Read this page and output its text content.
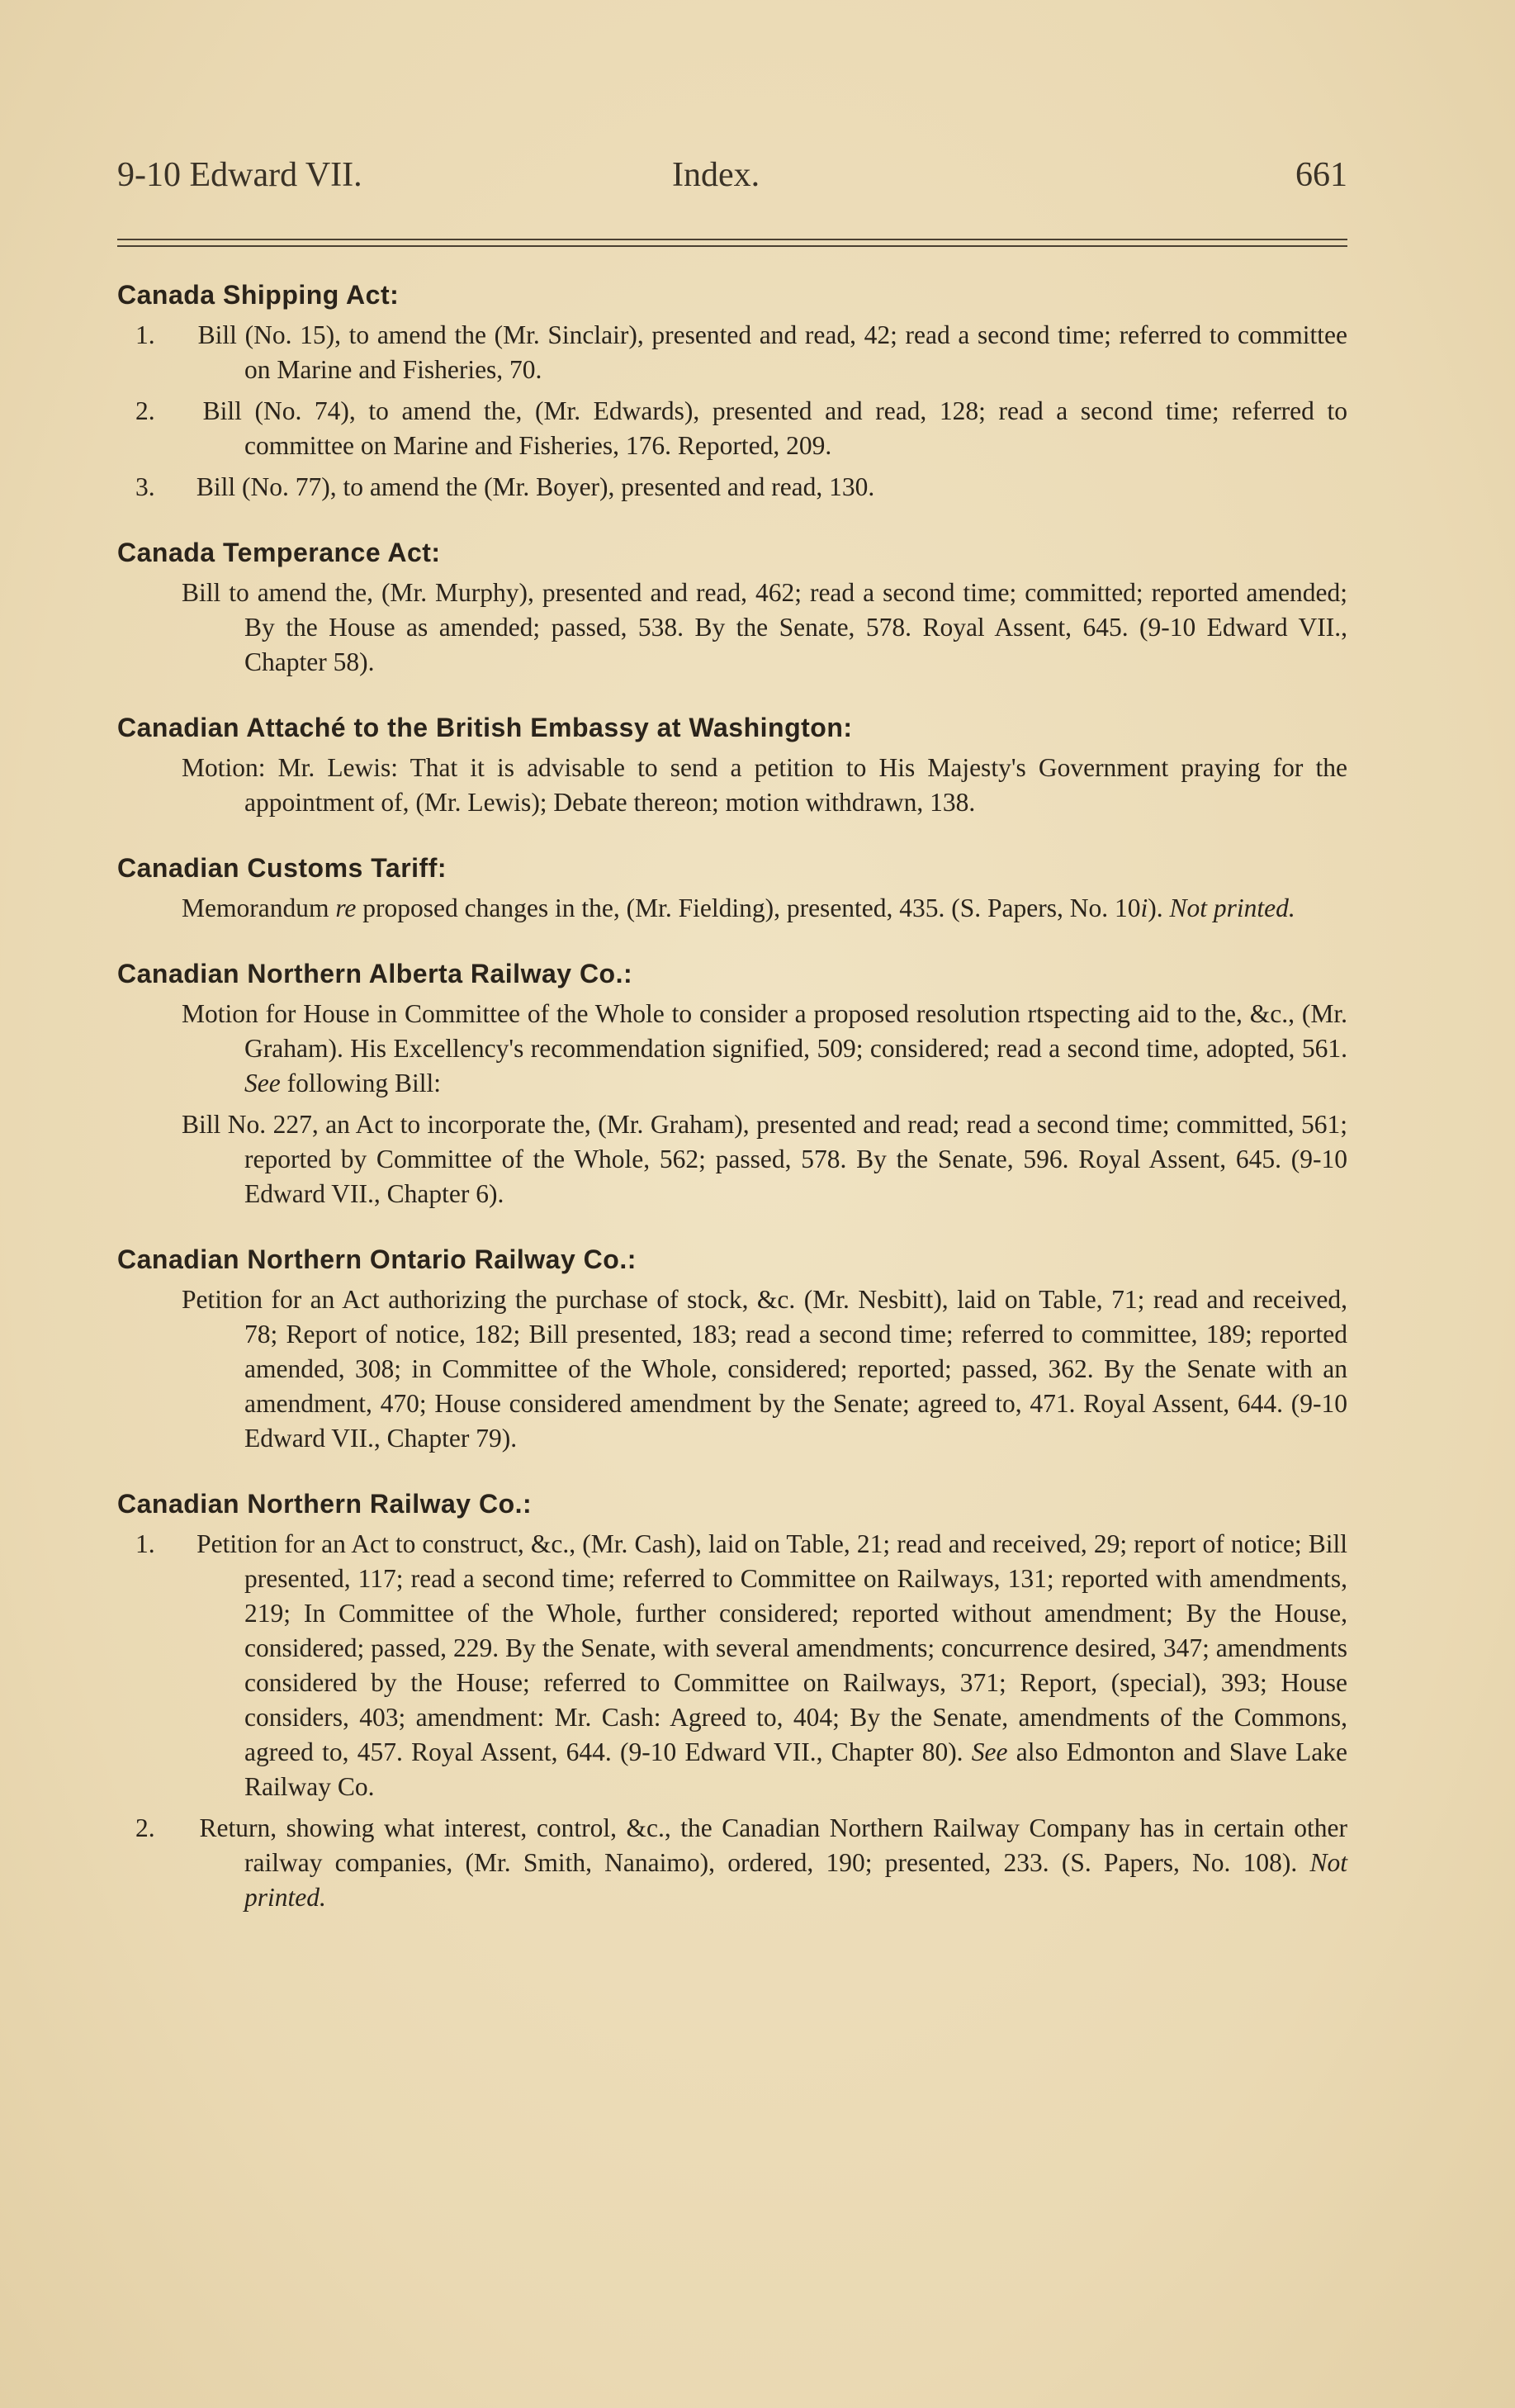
9-10 Edward VII.	Index.	661
Canada Shipping Act:
1. Bill (No. 15), to amend the (Mr. Sinclair), presented and read, 42; read a second time; referred to committee on Marine and Fisheries, 70.
2. Bill (No. 74), to amend the, (Mr. Edwards), presented and read, 128; read a second time; referred to committee on Marine and Fisheries, 176. Reported, 209.
3. Bill (No. 77), to amend the (Mr. Boyer), presented and read, 130.
Canada Temperance Act:
Bill to amend the, (Mr. Murphy), presented and read, 462; read a second time; committed; reported amended; By the House as amended; passed, 538. By the Senate, 578. Royal Assent, 645. (9-10 Edward VII., Chapter 58).
Canadian Attaché to the British Embassy at Washington:
Motion: Mr. Lewis: That it is advisable to send a petition to His Majesty's Government praying for the appointment of, (Mr. Lewis); Debate thereon; motion withdrawn, 138.
Canadian Customs Tariff:
Memorandum re proposed changes in the, (Mr. Fielding), presented, 435. (S. Papers, No. 10i). Not printed.
Canadian Northern Alberta Railway Co.:
Motion for House in Committee of the Whole to consider a proposed resolution rtspecting aid to the, &c., (Mr. Graham). His Excellency's recommendation signified, 509; considered; read a second time, adopted, 561. See following Bill:
Bill No. 227, an Act to incorporate the, (Mr. Graham), presented and read; read a second time; committed, 561; reported by Committee of the Whole, 562; passed, 578. By the Senate, 596. Royal Assent, 645. (9-10 Edward VII., Chapter 6).
Canadian Northern Ontario Railway Co.:
Petition for an Act authorizing the purchase of stock, &c. (Mr. Nesbitt), laid on Table, 71; read and received, 78; Report of notice, 182; Bill presented, 183; read a second time; referred to committee, 189; reported amended, 308; in Committee of the Whole, considered; reported; passed, 362. By the Senate with an amendment, 470; House considered amendment by the Senate; agreed to, 471. Royal Assent, 644. (9-10 Edward VII., Chapter 79).
Canadian Northern Railway Co.:
1. Petition for an Act to construct, &c., (Mr. Cash), laid on Table, 21; read and received, 29; report of notice; Bill presented, 117; read a second time; referred to Committee on Railways, 131; reported with amendments, 219; In Committee of the Whole, further considered; reported without amendment; By the House, considered; passed, 229. By the Senate, with several amendments; concurrence desired, 347; amendments considered by the House; referred to Committee on Railways, 371; Report, (special), 393; House considers, 403; amendment: Mr. Cash: Agreed to, 404; By the Senate, amendments of the Commons, agreed to, 457. Royal Assent, 644. (9-10 Edward VII., Chapter 80). See also Edmonton and Slave Lake Railway Co.
2. Return, showing what interest, control, &c., the Canadian Northern Railway Company has in certain other railway companies, (Mr. Smith, Nanaimo), ordered, 190; presented, 233. (S. Papers, No. 108). Not printed.
